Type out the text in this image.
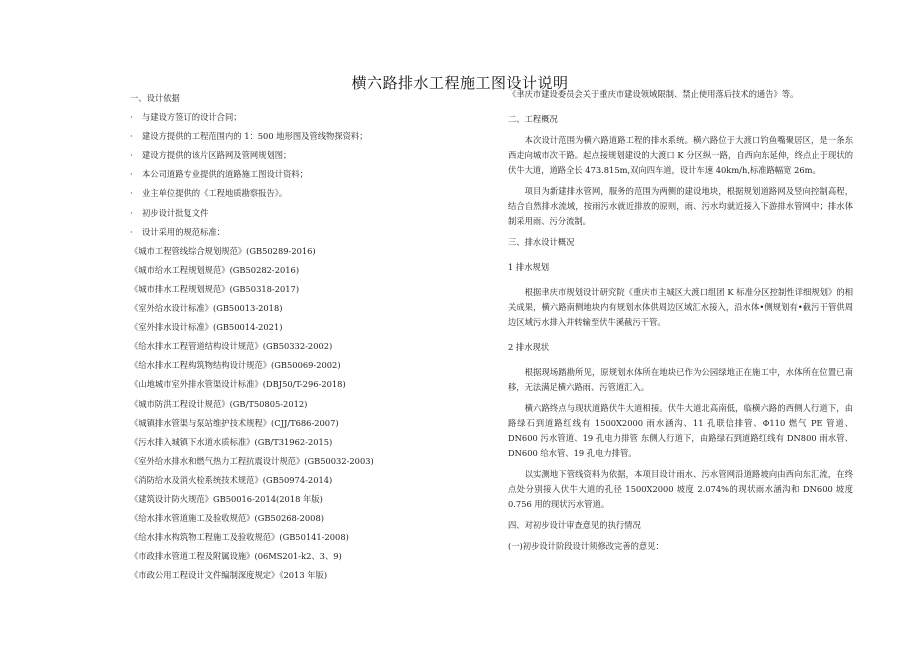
横六路排水工程施工图设计说明

一、设计依据

· 与建设方签订的设计合同；

· 建设方提供的工程范围内的 1：500 地形图及管线物探资料；

· 建设方提供的该片区路网及管网规划图；

· 本公司道路专业提供的道路施工图设计资料；

· 业主单位提供的《工程地质勘察报告》。

· 初步设计批复文件

· 设计采用的规范标准：

《城市工程管线综合规划规范》(GB50289-2016)

《城市给水工程规划规范》(GB50282-2016)

《城市排水工程规划规范》(GB50318-2017)

《室外给水设计标准》(GB50013-2018)

《室外排水设计标准》(GB50014-2021)

《给水排水工程管道结构设计规范》(GB50332-2002)

《给水排水工程构筑物结构设计规范》(GB50069-2002)

《山地城市室外排水管渠设计标准》(DBJ50/T-296-2018)

《城市防洪工程设计规范》(GB/T50805-2012)

《城镇排水管渠与泵站维护技术规程》(CJJ/T686-2007)

《污水排入城镇下水道水质标准》(GB/T31962-2015)

《室外给水排水和燃气热力工程抗震设计规范》(GB50032-2003)

《消防给水及消火栓系统技术规范》(GB50974-2014)

《建筑设计防火规范》GB50016-2014(2018 年版)

《给水排水管道施工及验收规范》(GB50268-2008)

《给水排水构筑物工程施工及验收规范》(GB50141-2008)

《市政排水管道工程及附属设施》(06MS201-k2、3、9)

《市政公用工程设计文件编制深度规定》《2013 年版)

《聿庆市建设委员会关于重庆市建设领域限制、禁止使用落后技术的通告》等。

二、工程概况

本次设计范围为横六路道路工程的排水系统。横六路位于大渡口钓鱼嘴聚居区，是一条东西走向城市次干路。起点接规划建设的大渡口 K 分区纵一路，自西向东延伸，终点止于现状的伏牛大道，道路全长 473.815m,双向四车道，设计车速 40km/h,标准路幅宽 26m。

项目为新建排水管网，服务的范围为两侧的建设地块，根据规划道路网及竖向控制高程，结合自然排水流域，按雨污水就近排放的原则，雨、污水均就近接入下游排水管网中；排水体制采用雨、污分流制。

三、排水设计概况

1 排水规划

根据聿庆市规划设计研究院《重庆市主城区大渡口组团 K 标准分区控制性详细规划》的相关成果，横六路南侧地块内有规划水体供周边区域汇水接入，沿水体•侧规划有•截污干管供周边区域污水排入并转输至伏牛溪截污干管。

2 排水现状

根据现场踏勘所见，原规划水体所在地块已作为公园绿地正在施工中，水体所在位置已南移，无法满足横六路雨、污管道汇入。

横六路终点与现状道路伏牛大道相接。伏牛大道北高南低，临横六路的西侧人行道下，由路绿石到道路红线有 1500X2000 雨水涵沟、11 孔联信排管、Φ110 燃气 PE 管道、DN600 污水管道、19 孔电力排管 东侧人行道下，由路绿石到道路红线有 DN800 雨水管、DN600 给水管、19 孔电力排管。

以实测地下管线资料为依据，本项目设计雨水、污水管网沿道路坡向由西向东汇流，在终点处分别接入伏牛大道的孔径 1500X2000 坡度 2.074%的现状雨水涵沟和 DN600 坡度 0.756 用的现状污水管道。

四、对初步设计审查意见的执行情况

(一)初步设计阶段设计须修改完善的意见：
